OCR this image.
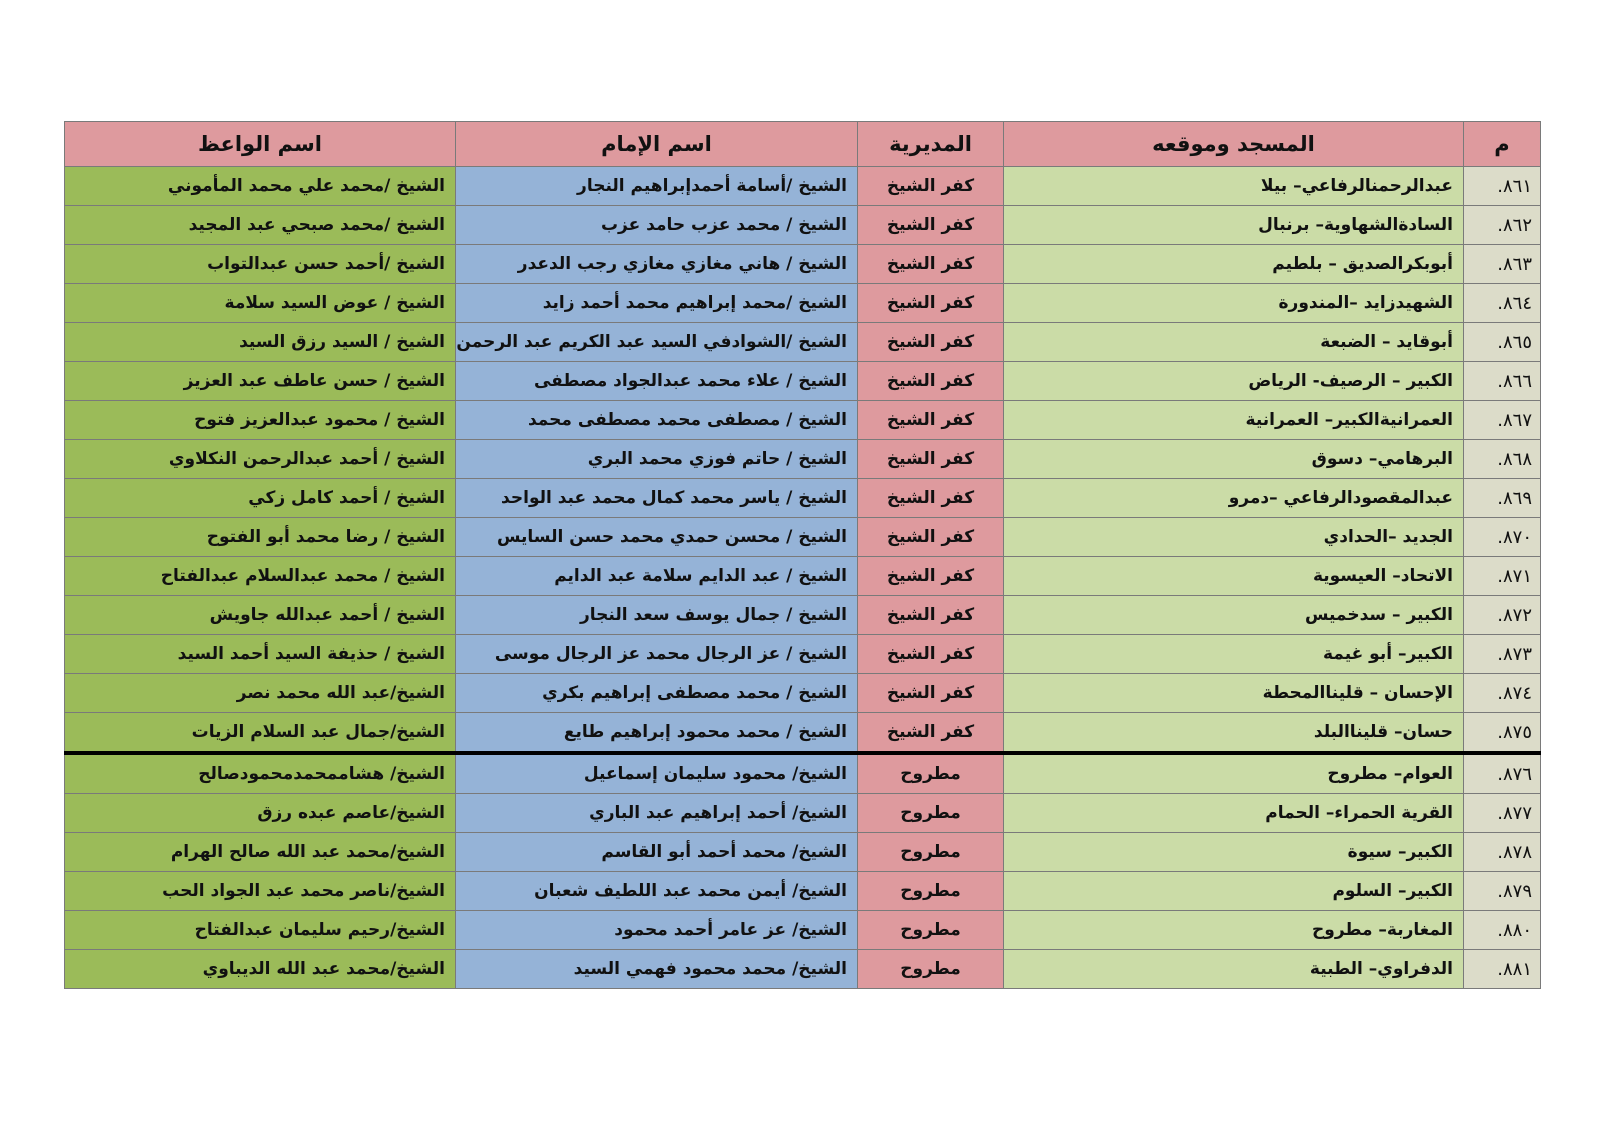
م	المسجد وموقعه	المديرية	اسم الإمام	اسم الواعظ
٨٦١.	عبدالرحمنالرفاعي– بيلا	كفر الشيخ	الشيخ /أسامة أحمدإبراهيم النجار	الشيخ /محمد علي محمد المأموني
٨٦٢.	السادةالشهاوية– برنبال	كفر الشيخ	الشيخ / محمد عزب حامد عزب	الشيخ /محمد صبحي عبد المجيد
٨٦٣.	أبوبكرالصديق – بلطيم	كفر الشيخ	الشيخ / هاني مغازي مغازي رجب الدعدر	الشيخ /أحمد حسن عبدالتواب
٨٦٤.	الشهيدزايد –المندورة	كفر الشيخ	الشيخ /محمد إبراهيم محمد أحمد زايد	الشيخ / عوض السيد سلامة
٨٦٥.	أبوقايد – الضبعة	كفر الشيخ	الشيخ /الشوادفي السيد عبد الكريم عبد الرحمن	الشيخ / السيد رزق السيد
٨٦٦.	الكبير – الرصيف- الرياض	كفر الشيخ	الشيخ / علاء محمد عبدالجواد مصطفى	الشيخ / حسن عاطف عبد العزيز
٨٦٧.	العمرانيةالكبير– العمرانية	كفر الشيخ	الشيخ / مصطفى محمد مصطفى محمد	الشيخ / محمود عبدالعزيز فتوح
٨٦٨.	البرهامي– دسوق	كفر الشيخ	الشيخ / حاتم فوزي محمد البري	الشيخ / أحمد عبدالرحمن النكلاوي
٨٦٩.	عبدالمقصودالرفاعي –دمرو	كفر الشيخ	الشيخ / ياسر محمد كمال محمد عبد الواحد	الشيخ / أحمد كامل زكي
٨٧٠.	الجديد –الحدادي	كفر الشيخ	الشيخ / محسن حمدي محمد حسن السايس	الشيخ / رضا محمد أبو الفتوح
٨٧١.	الاتحاد– العيسوية	كفر الشيخ	الشيخ / عبد الدايم سلامة عبد الدايم	الشيخ / محمد عبدالسلام عبدالفتاح
٨٧٢.	الكبير – سدخميس	كفر الشيخ	الشيخ / جمال يوسف سعد النجار	الشيخ / أحمد عبدالله جاويش
٨٧٣.	الكبير– أبو غيمة	كفر الشيخ	الشيخ / عز الرجال محمد عز الرجال موسى	الشيخ / حذيفة السيد أحمد السيد
٨٧٤.	الإحسان – قليناالمحطة	كفر الشيخ	الشيخ / محمد مصطفى إبراهيم بكري	الشيخ/عبد الله محمد نصر
٨٧٥.	حسان– قليناالبلد	كفر الشيخ	الشيخ / محمد محمود إبراهيم طايع	الشيخ/جمال عبد السلام الزيات
٨٧٦.	العوام– مطروح	مطروح	الشيخ/ محمود سليمان إسماعيل	الشيخ/ هشاممحمدمحمودصالح
٨٧٧.	القرية الحمراء– الحمام	مطروح	الشيخ/ أحمد إبراهيم عبد الباري	الشيخ/عاصم عبده رزق
٨٧٨.	الكبير– سيوة	مطروح	الشيخ/ محمد أحمد أبو القاسم	الشيخ/محمد عبد الله صالح الهرام
٨٧٩.	الكبير– السلوم	مطروح	الشيخ/ أيمن محمد عبد اللطيف شعبان	الشيخ/ناصر محمد عبد الجواد الحب
٨٨٠.	المغاربة– مطروح	مطروح	الشيخ/ عز عامر أحمد محمود	الشيخ/رحيم سليمان عبدالفتاح
٨٨١.	الدفراوي– الطبية	مطروح	الشيخ/ محمد محمود فهمي السيد	الشيخ/محمد عبد الله الديباوي
